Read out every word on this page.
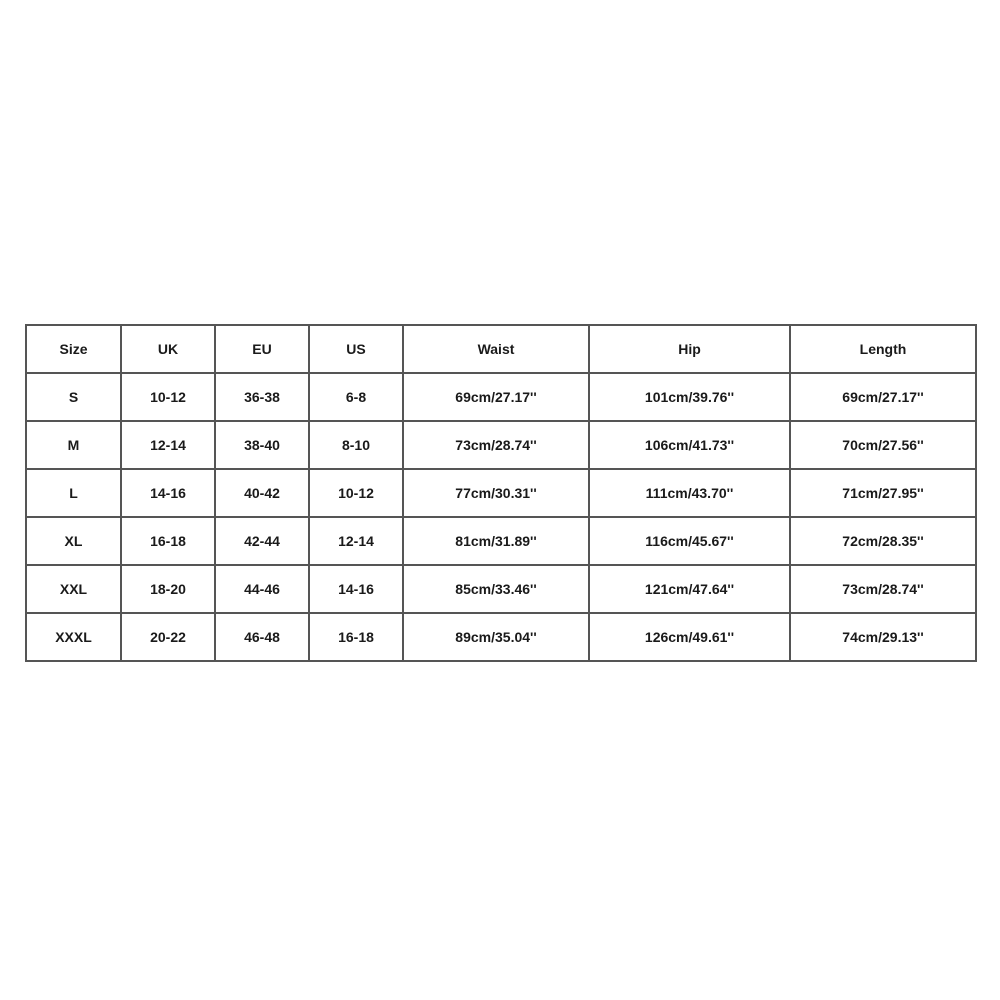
Size	UK	EU	US	Waist	Hip	Length
S	10-12	36-38	6-8	69cm/27.17''	101cm/39.76''	69cm/27.17''
M	12-14	38-40	8-10	73cm/28.74''	106cm/41.73''	70cm/27.56''
L	14-16	40-42	10-12	77cm/30.31''	111cm/43.70''	71cm/27.95''
XL	16-18	42-44	12-14	81cm/31.89''	116cm/45.67''	72cm/28.35''
XXL	18-20	44-46	14-16	85cm/33.46''	121cm/47.64''	73cm/28.74''
XXXL	20-22	46-48	16-18	89cm/35.04''	126cm/49.61''	74cm/29.13''
